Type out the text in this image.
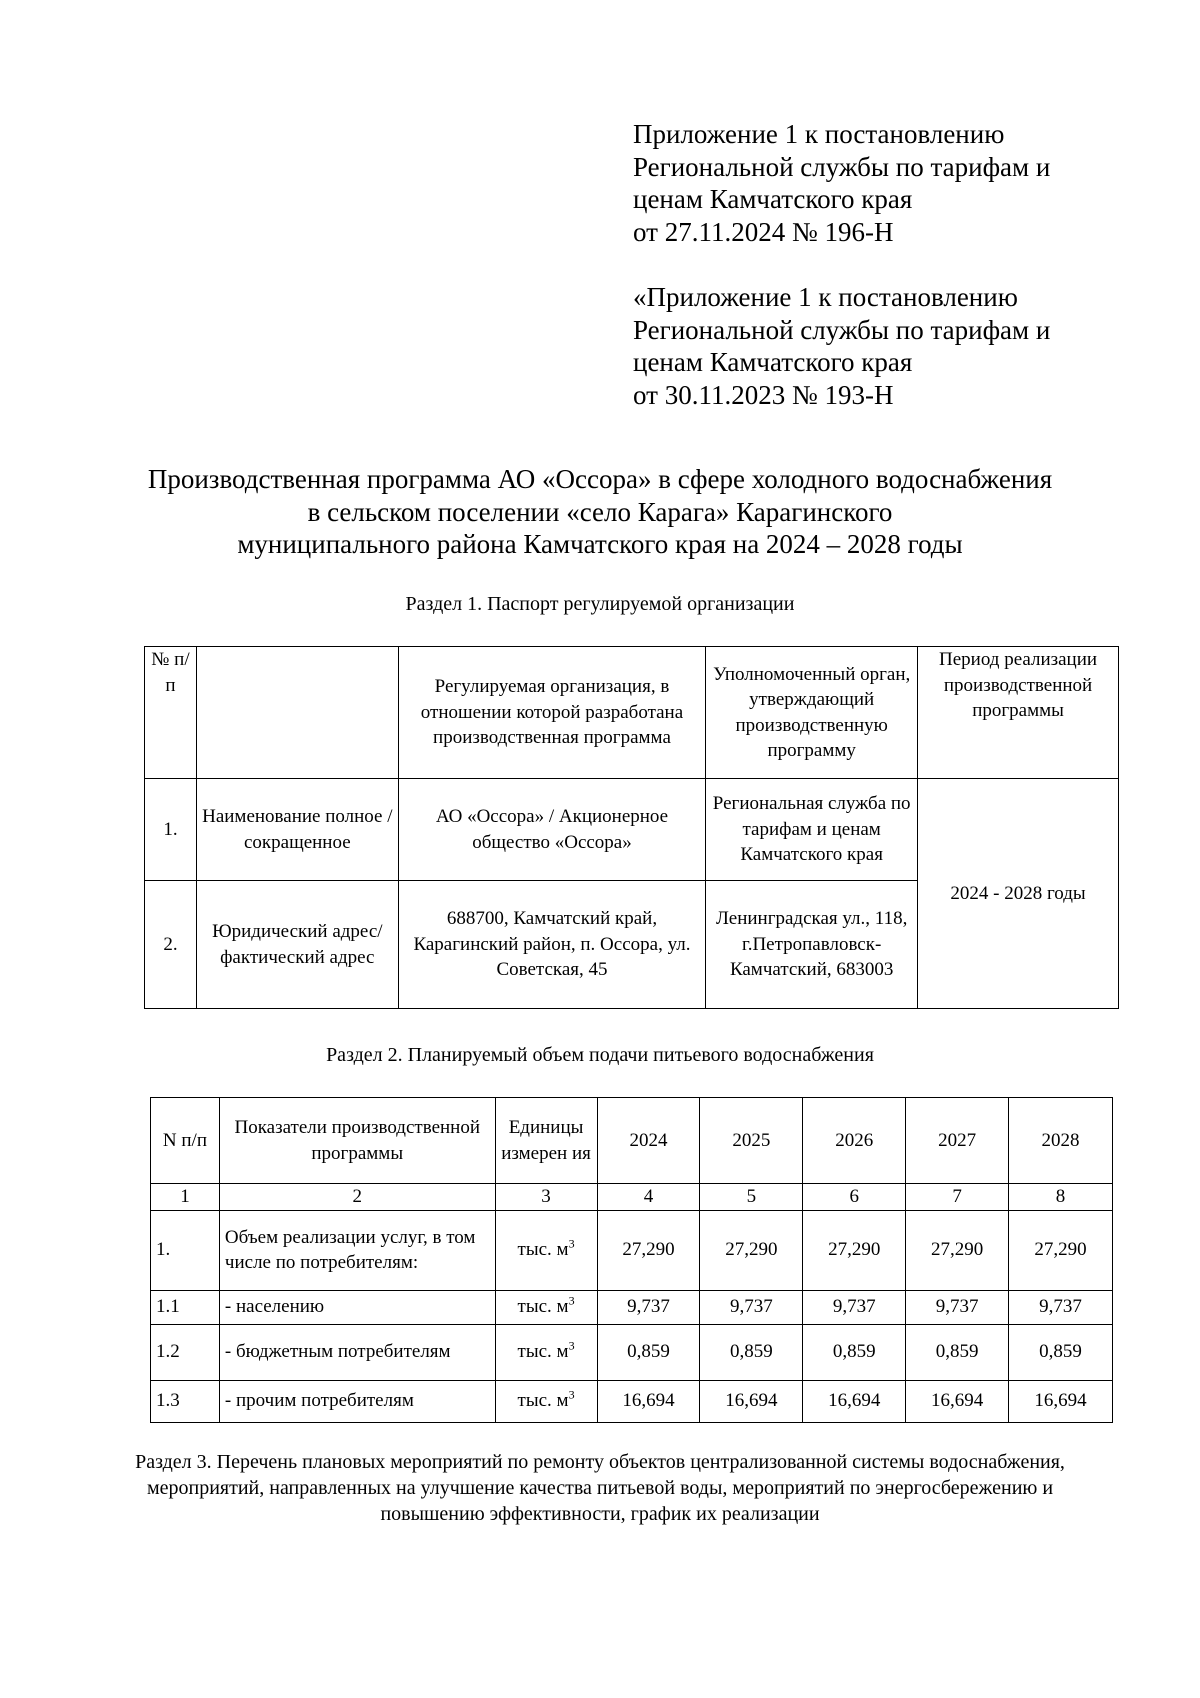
Приложение 1 к постановлению
Региональной службы по тарифам и
ценам Камчатского края
от 27.11.2024 № 196-Н
«Приложение 1 к постановлению
Региональной службы по тарифам и
ценам Камчатского края
от 30.11.2023 № 193-Н
Производственная программа АО «Оссора» в сфере холодного водоснабжения
в сельском поселении «село Карага» Карагинского
муниципального района Камчатского края на 2024 – 2028 годы
Раздел 1. Паспорт регулируемой организации
№ п/п		Регулируемая организация, в отношении которой разработана производственная программа	Уполномоченный орган, утверждающий производственную программу	Период реализации производственной программы
1.	Наименование полное / сокращенное	АО «Оссора» / Акционерное общество «Оссора»	Региональная служба по тарифам и ценам Камчатского края	2024 - 2028 годы
2.	Юридический адрес/фактический адрес	688700, Камчатский край, Карагинский район, п. Оссора, ул. Советская, 45	Ленинградская ул., 118, г.Петропавловск-Камчатский, 683003	
Раздел 2. Планируемый объем подачи питьевого водоснабжения
N п/п	Показатели производственной программы	Единицы измерен ия	2024	2025	2026	2027	2028
1	2	3	4	5	6	7	8
1.	Объем реализации услуг, в том числе по потребителям:	тыс. $м^3$	27,290	27,290	27,290	27,290	27,290
1.1	- населению	тыс. $м^3$	9,737	9,737	9,737	9,737	9,737
1.2	- бюджетным потребителям	тыс. $м^3$	0,859	0,859	0,859	0,859	0,859
1.3	- прочим потребителям	тыс. $м^3$	16,694	16,694	16,694	16,694	16,694
Раздел 3. Перечень плановых мероприятий по ремонту объектов централизованной системы водоснабжения, мероприятий, направленных на улучшение качества питьевой воды, мероприятий по энергосбережению и повышению эффективности, график их реализации
